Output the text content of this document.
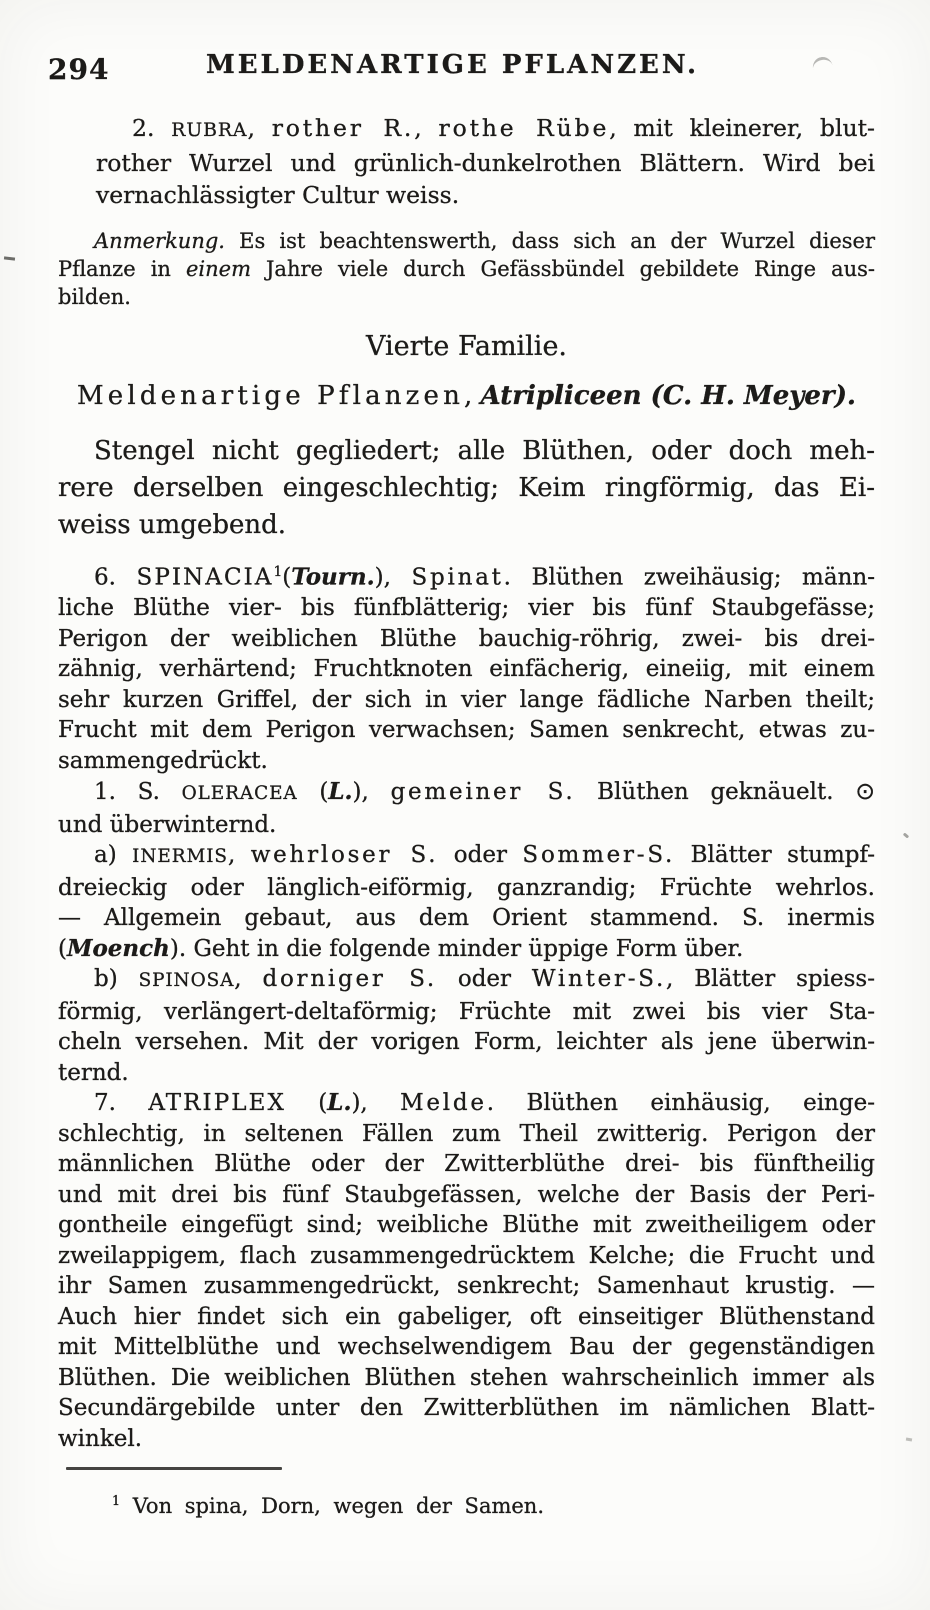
294	MELDENARTIGE PFLANZEN.
2. RUBRA, rother R., rothe Rübe, mit kleinerer, blut-
rother Wurzel und grünlich-dunkelrothen Blättern. Wird bei
vernachlässigter Cultur weiss.
Anmerkung. Es ist beachtenswerth, dass sich an der Wurzel dieser
Pflanze in einem Jahre viele durch Gefässbündel gebildete Ringe aus-
bilden.
Vierte Familie.
Meldenartige Pflanzen, Atripliceen (C. H. Meyer).
Stengel nicht gegliedert; alle Blüthen, oder doch meh-
rere derselben eingeschlechtig; Keim ringförmig, das Ei-
weiss umgebend.
6. SPINACIA$^1$(Tourn.), Spinat. Blüthen zweihäusig; männ-
liche Blüthe vier- bis fünfblätterig; vier bis fünf Staubgefässe;
Perigon der weiblichen Blüthe bauchig-röhrig, zwei- bis drei-
zähnig, verhärtend; Fruchtknoten einfächerig, eineiig, mit einem
sehr kurzen Griffel, der sich in vier lange fädliche Narben theilt;
Frucht mit dem Perigon verwachsen; Samen senkrecht, etwas zu-
sammengedrückt.
1. S. OLERACEA (L.), gemeiner S. Blüthen geknäuelt. ⊙
und überwinternd.
a) INERMIS, wehrloser S. oder Sommer-S. Blätter stumpf-
dreieckig oder länglich-eiförmig, ganzrandig; Früchte wehrlos.
— Allgemein gebaut, aus dem Orient stammend. S. inermis
(Moench). Geht in die folgende minder üppige Form über.
b) SPINOSA, dorniger S. oder Winter-S., Blätter spiess-
förmig, verlängert-deltaförmig; Früchte mit zwei bis vier Sta-
cheln versehen. Mit der vorigen Form, leichter als jene überwin-
ternd.
7. ATRIPLEX (L.), Melde. Blüthen einhäusig, einge-
schlechtig, in seltenen Fällen zum Theil zwitterig. Perigon der
männlichen Blüthe oder der Zwitterblüthe drei- bis fünftheilig
und mit drei bis fünf Staubgefässen, welche der Basis der Peri-
gontheile eingefügt sind; weibliche Blüthe mit zweitheiligem oder
zweilappigem, flach zusammengedrücktem Kelche; die Frucht und
ihr Samen zusammengedrückt, senkrecht; Samenhaut krustig. —
Auch hier findet sich ein gabeliger, oft einseitiger Blüthenstand
mit Mittelblüthe und wechselwendigem Bau der gegenständigen
Blüthen. Die weiblichen Blüthen stehen wahrscheinlich immer als
Secundärgebilde unter den Zwitterblüthen im nämlichen Blatt-
winkel.
$^1$ Von spina, Dorn, wegen der Samen.
